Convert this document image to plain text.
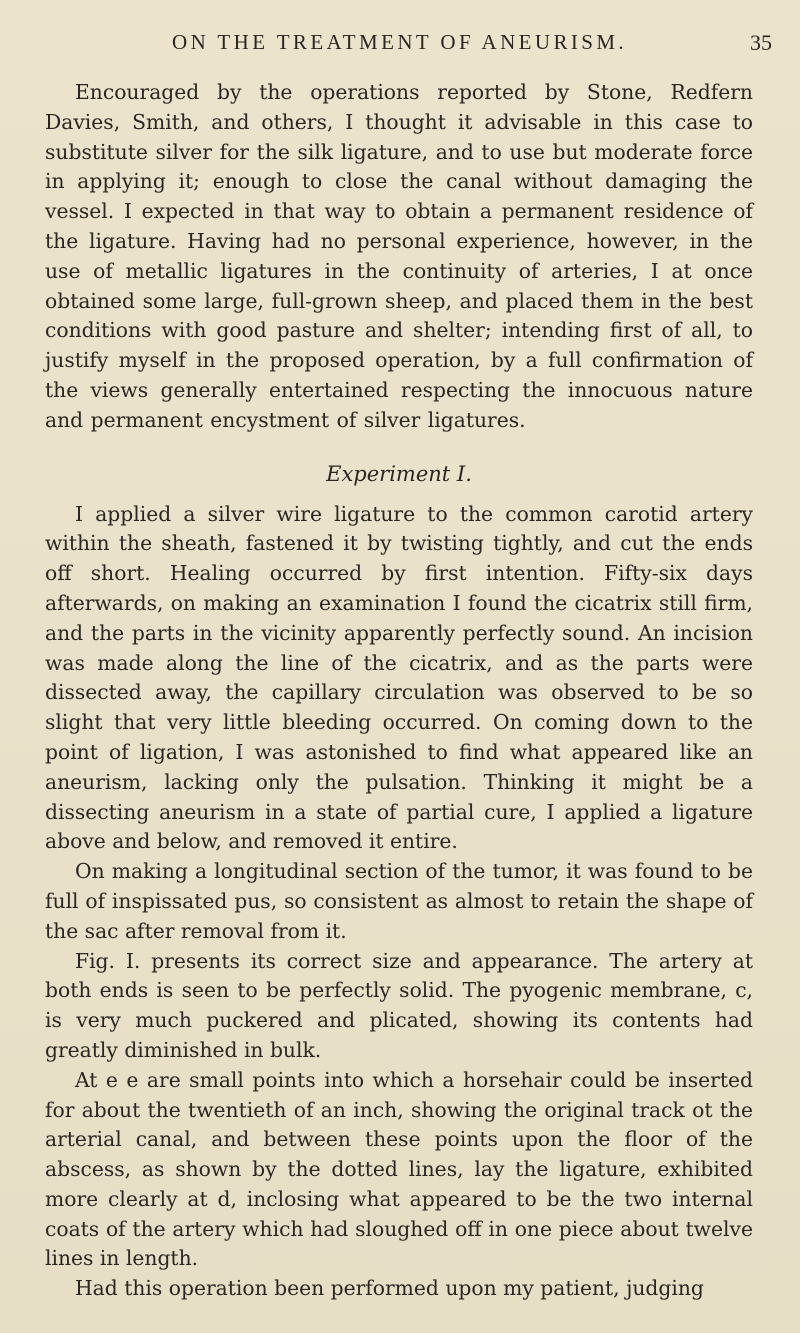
ON THE TREATMENT OF ANEURISM.	35

Encouraged by the operations reported by Stone, Redfern Davies, Smith, and others, I thought it advisable in this case to substitute silver for the silk ligature, and to use but moderate force in applying it; enough to close the canal without damaging the vessel. I expected in that way to obtain a permanent residence of the ligature. Having had no personal experience, however, in the use of metallic ligatures in the continuity of arteries, I at once obtained some large, full-grown sheep, and placed them in the best conditions with good pasture and shelter; intending first of all, to justify myself in the proposed operation, by a full confirmation of the views generally entertained respecting the innocuous nature and permanent encystment of silver ligatures.

Experiment I.

I applied a silver wire ligature to the common carotid artery within the sheath, fastened it by twisting tightly, and cut the ends off short. Healing occurred by first intention. Fifty-six days afterwards, on making an examination I found the cicatrix still firm, and the parts in the vicinity apparently perfectly sound. An incision was made along the line of the cicatrix, and as the parts were dissected away, the capillary circulation was observed to be so slight that very little bleeding occurred. On coming down to the point of ligation, I was astonished to find what appeared like an aneurism, lacking only the pulsation. Thinking it might be a dissecting aneurism in a state of partial cure, I applied a ligature above and below, and removed it entire.

On making a longitudinal section of the tumor, it was found to be full of inspissated pus, so consistent as almost to retain the shape of the sac after removal from it.

Fig. I. presents its correct size and appearance. The artery at both ends is seen to be perfectly solid. The pyogenic membrane, c, is very much puckered and plicated, showing its contents had greatly diminished in bulk.

At e e are small points into which a horsehair could be inserted for about the twentieth of an inch, showing the original track ot the arterial canal, and between these points upon the floor of the abscess, as shown by the dotted lines, lay the ligature, exhibited more clearly at d, inclosing what appeared to be the two internal coats of the artery which had sloughed off in one piece about twelve lines in length.

Had this operation been performed upon my patient, judging
